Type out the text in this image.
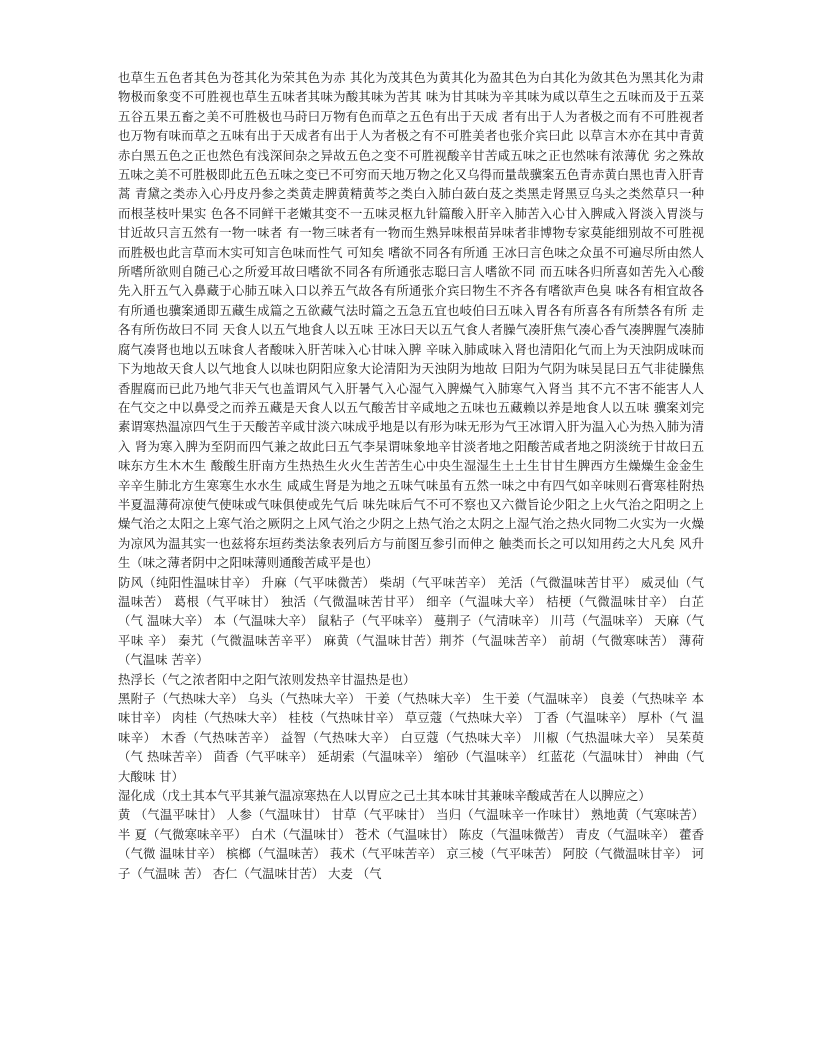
也草生五色者其色为苍其化为荣其色为赤 其化为茂其色为黄其化为盈其色为白其化为敛其色为黑其化为肃物极而象变不可胜视也草生五味者其味为酸其味为苦其 味为甘其味为辛其味为咸以草生之五味而及于五菜五谷五果五畜之美不可胜极也马莳曰万物有色而草之五色有出于天成 者有出于人为者极之而有不可胜视者也万物有味而草之五味有出于天成者有出于人为者极之有不可胜美者也张介宾曰此 以草言木亦在其中青黄赤白黑五色之正也然色有浅深间杂之异故五色之变不可胜视酸辛甘苦咸五味之正也然味有浓薄优 劣之殊故五味之美不可胜极即此五色五味之变已不可穷而天地万物之化又乌得而量哉骥案五色青赤黄白黑也青入肝青蒿 青黛之类赤入心丹皮丹参之类黄走脾黄精黄芩之类白入肺白蔹白芨之类黑走肾黑豆乌头之类然草只一种而根茎枝叶果实 色各不同鲜干老嫩其变不一五味灵枢九针篇酸入肝辛入肺苦入心甘入脾咸入肾淡入胃淡与甘近故只言五然有一物一味者 有一物三味者有一物而生熟异味根苗异味者非博物专家莫能细别故不可胜视而胜极也此言草而木实可知言色味而性气 可知矣 嗜欲不同各有所通 王冰曰言色味之众虽不可遍尽所由然人所嗜所欲则自随己心之所爱耳故曰嗜欲不同各有所通张志聪曰言人嗜欲不同 而五味各归所喜如苦先入心酸先入肝五气入鼻藏于心肺五味入口以养五气故各有所通张介宾曰物生不齐各有嗜欲声色臭 味各有相宜故各有所通也骥案通即五藏生成篇之五欲藏气法时篇之五急五宜也岐伯曰五味入胃各有所喜各有所禁各有所 走各有所伤故曰不同 天食人以五气地食人以五味 王冰曰天以五气食人者臊气凑肝焦气凑心香气凑脾腥气凑肺腐气凑肾也地以五味食人者酸味入肝苦味入心甘味入脾 辛味入肺咸味入肾也清阳化气而上为天浊阴成味而下为地故天食人以气地食人以味也阴阳应象大论清阳为天浊阴为地故 曰阳为气阴为味吴昆曰五气非徒臊焦香腥腐而已此乃地气非天气也盖谓风气入肝暑气入心湿气入脾燥气入肺寒气入肾当 其不亢不害不能害人人在气交之中以鼻受之而养五藏是天食人以五气酸苦甘辛咸地之五味也五藏赖以养是地食人以五味 骥案刘完素谓寒热温凉四气生于天酸苦辛咸甘淡六味成乎地是以有形为味无形为气王冰谓入肝为温入心为热入肺为清入 肾为寒入脾为至阴而四气兼之故此曰五气李杲谓味象地辛甘淡者地之阳酸苦咸者地之阴淡统于甘故曰五味东方生木木生 酸酸生肝南方生热热生火火生苦苦生心中央生湿湿生土土生甘甘生脾西方生燥燥生金金生辛辛生肺北方生寒寒生水水生 咸咸生肾是为地之五味气味虽有五然一味之中有四气如辛味则石膏寒桂附热半夏温薄荷凉使气使味或气味俱使或先气后 味先味后气不可不察也又六微旨论少阳之上火气治之阳明之上燥气治之太阳之上寒气治之厥阴之上风气治之少阴之上热气治之太阴之上湿气治之热火同物二火实为一火燥为凉风为温其实一也兹将东垣药类法象表列后方与前图互参引而伸之 触类而长之可以知用药之大凡矣 风升生（味之薄者阴中之阳味薄则通酸苦咸平是也）

防风（纯阳性温味甘辛） 升麻（气平味微苦） 柴胡（气平味苦辛） 羌活（气微温味苦甘平） 威灵仙（气 温味苦） 葛根（气平味甘） 独活（气微温味苦甘平） 细辛（气温味大辛） 桔梗（气微温味甘辛） 白芷（气 温味大辛） 本（气温味大辛） 鼠粘子（气平味辛） 蔓荆子（气清味辛） 川芎（气温味辛） 天麻（气平味 辛） 秦艽（气微温味苦辛平） 麻黄（气温味甘苦）荆芥（气温味苦辛） 前胡（气微寒味苦） 薄荷（气温味 苦辛）

热浮长（气之浓者阳中之阳气浓则发热辛甘温热是也）

黑附子（气热味大辛） 乌头（气热味大辛） 干姜（气热味大辛） 生干姜（气温味辛） 良姜（气热味辛 本味甘辛） 肉桂（气热味大辛） 桂枝（气热味甘辛） 草豆蔻（气热味大辛） 丁香（气温味辛） 厚朴（气 温味辛） 木香（气热味苦辛） 益智（气热味大辛） 白豆蔻（气热味大辛） 川椒（气热温味大辛） 吴茱萸（气 热味苦辛） 茴香（气平味辛） 延胡索（气温味辛） 缩砂（气温味辛） 红蓝花（气温味甘） 神曲（气大酸味 甘）

湿化成（戊土其本气平其兼气温凉寒热在人以胃应之己土其本味甘其兼味辛酸咸苦在人以脾应之）

黄 （气温平味甘） 人参（气温味甘） 甘草（气平味甘） 当归（气温味辛一作味甘） 熟地黄（气寒味苦） 半 夏（气微寒味辛平） 白术（气温味甘） 苍术（气温味甘） 陈皮（气温味微苦） 青皮（气温味辛） 藿香（气微 温味甘辛） 槟榔（气温味苦） 莪术（气平味苦辛） 京三棱（气平味苦） 阿胶（气微温味甘辛） 诃子（气温味 苦） 杏仁（气温味甘苦） 大麦 （气
